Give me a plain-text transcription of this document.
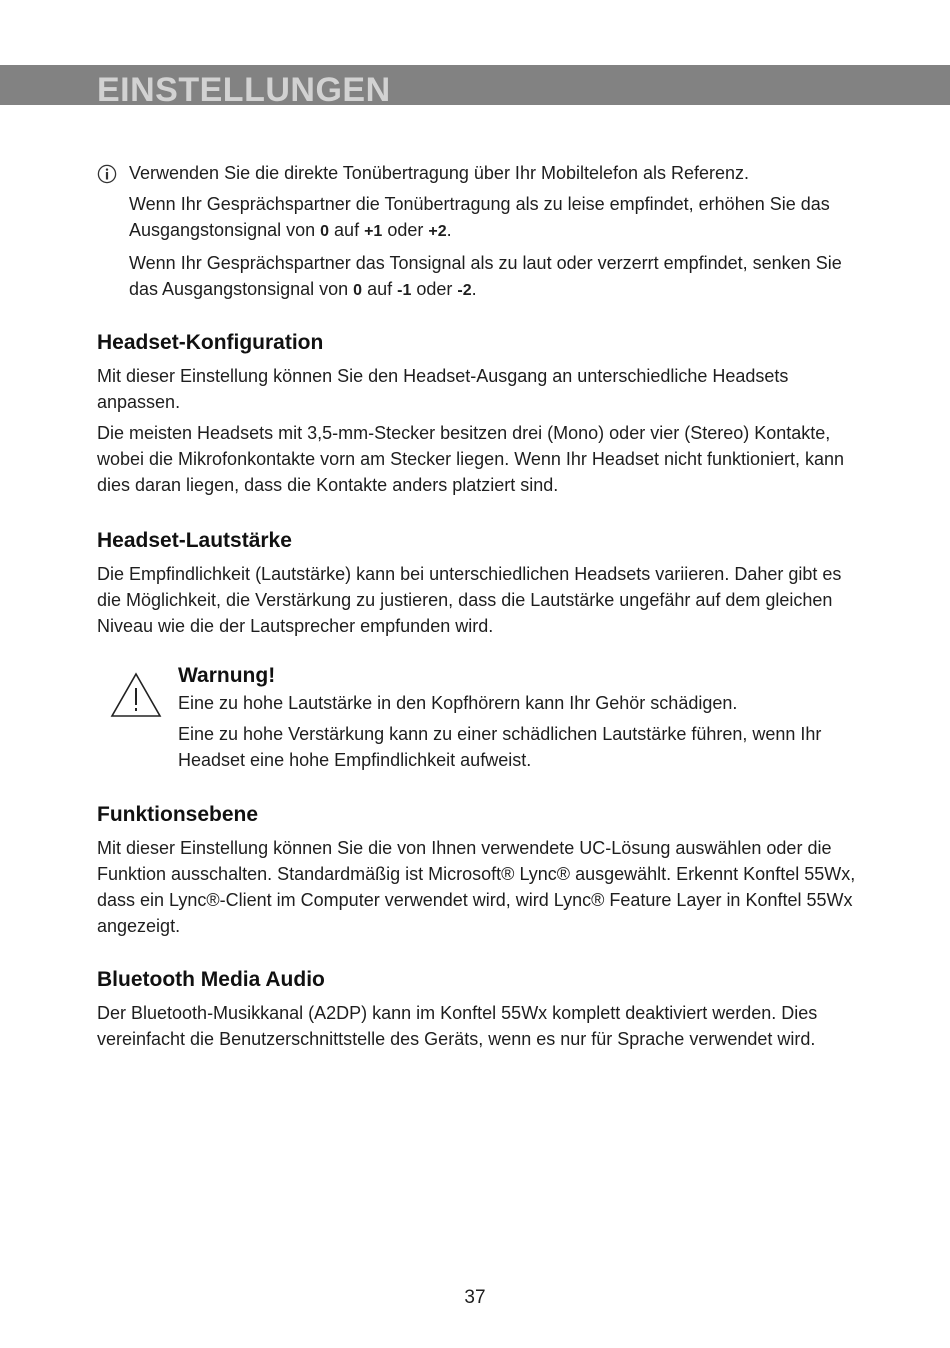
EINSTELLUNGEN

Verwenden Sie die direkte Tonübertragung über Ihr Mobiltelefon als Referenz.

Wenn Ihr Gesprächspartner die Tonübertragung als zu leise empfindet, erhöhen Sie das Ausgangstonsignal von 0 auf +1 oder +2.

Wenn Ihr Gesprächspartner das Tonsignal als zu laut oder verzerrt empfindet, senken Sie das Ausgangstonsignal von 0 auf -1 oder -2.

Headset-Konfiguration

Mit dieser Einstellung können Sie den Headset-Ausgang an unterschiedliche Headsets anpassen.

Die meisten Headsets mit 3,5-mm-Stecker besitzen drei (Mono) oder vier (Stereo) Kontakte, wobei die Mikrofonkontakte vorn am Stecker liegen. Wenn Ihr Headset nicht funktioniert, kann dies daran liegen, dass die Kontakte anders platziert sind.

Headset-Lautstärke

Die Empfindlichkeit (Lautstärke) kann bei unterschiedlichen Headsets variieren. Daher gibt es die Möglichkeit, die Verstärkung zu justieren, dass die Lautstärke ungefähr auf dem gleichen Niveau wie die der Lautsprecher empfunden wird.

Warnung!

Eine zu hohe Lautstärke in den Kopfhörern kann Ihr Gehör schädigen.

Eine zu hohe Verstärkung kann zu einer schädlichen Lautstärke führen, wenn Ihr Headset eine hohe Empfindlichkeit aufweist.

Funktionsebene

Mit dieser Einstellung können Sie die von Ihnen verwendete UC-Lösung auswählen oder die Funktion ausschalten. Standardmäßig ist Microsoft® Lync® ausgewählt. Erkennt Konftel 55Wx, dass ein Lync®-Client im Computer verwendet wird, wird Lync® Feature Layer in Konftel 55Wx angezeigt.

Bluetooth Media Audio

Der Bluetooth-Musikkanal (A2DP) kann im Konftel 55Wx komplett deaktiviert werden. Dies vereinfacht die Benutzerschnittstelle des Geräts, wenn es nur für Sprache verwendet wird.

37
